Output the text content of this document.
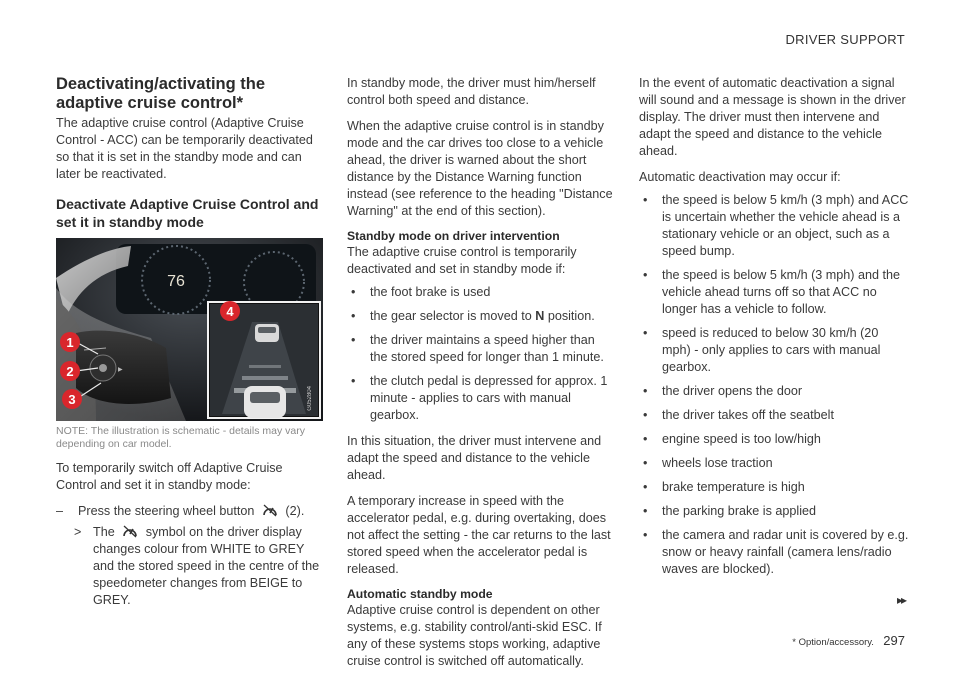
DRIVER SUPPORT
Deactivating/activating the adaptive cruise control*

The adaptive cruise control (Adaptive Cruise Control - ACC) can be temporarily deactivated so that it is set in the standby mode and can later be reactivated.

Deactivate Adaptive Cruise Control and set it in standby mode
76
▶
1
2
3
4
G052804
NOTE: The illustration is schematic - details may vary depending on car model.

To temporarily switch off Adaptive Cruise Control and set it in standby mode:

– Press the steering wheel button (2).
> The symbol on the driver display changes colour from WHITE to GREY and the stored speed in the centre of the speedometer changes from BEIGE to GREY.

In standby mode, the driver must him/herself control both speed and distance.

When the adaptive cruise control is in standby mode and the car drives too close to a vehicle ahead, the driver is warned about the short distance by the Distance Warning function instead (see reference to the heading "Distance Warning" at the end of this section).

Standby mode on driver intervention

The adaptive cruise control is temporarily deactivated and set in standby mode if:

• the foot brake is used
• the gear selector is moved to N position.
• the driver maintains a speed higher than the stored speed for longer than 1 minute.
• the clutch pedal is depressed for approx. 1 minute - applies to cars with manual gearbox.

In this situation, the driver must intervene and adapt the speed and distance to the vehicle ahead.

A temporary increase in speed with the accelerator pedal, e.g. during overtaking, does not affect the setting - the car returns to the last stored speed when the accelerator pedal is released.

Automatic standby mode

Adaptive cruise control is dependent on other systems, e.g. stability control/anti-skid ESC. If any of these systems stops working, adaptive cruise control is switched off automatically.

In the event of automatic deactivation a signal will sound and a message is shown in the driver display. The driver must then intervene and adapt the speed and distance to the vehicle ahead.

Automatic deactivation may occur if:

• the speed is below 5 km/h (3 mph) and ACC is uncertain whether the vehicle ahead is a stationary vehicle or an object, such as a speed bump.
• the speed is below 5 km/h (3 mph) and the vehicle ahead turns off so that ACC no longer has a vehicle to follow.
• speed is reduced to below 30 km/h (20 mph) - only applies to cars with manual gearbox.
• the driver opens the door
• the driver takes off the seatbelt
• engine speed is too low/high
• wheels lose traction
• brake temperature is high
• the parking brake is applied
• the camera and radar unit is covered by e.g. snow or heavy rainfall (camera lens/radio waves are blocked).
▸▸
* Option/accessory. 297
